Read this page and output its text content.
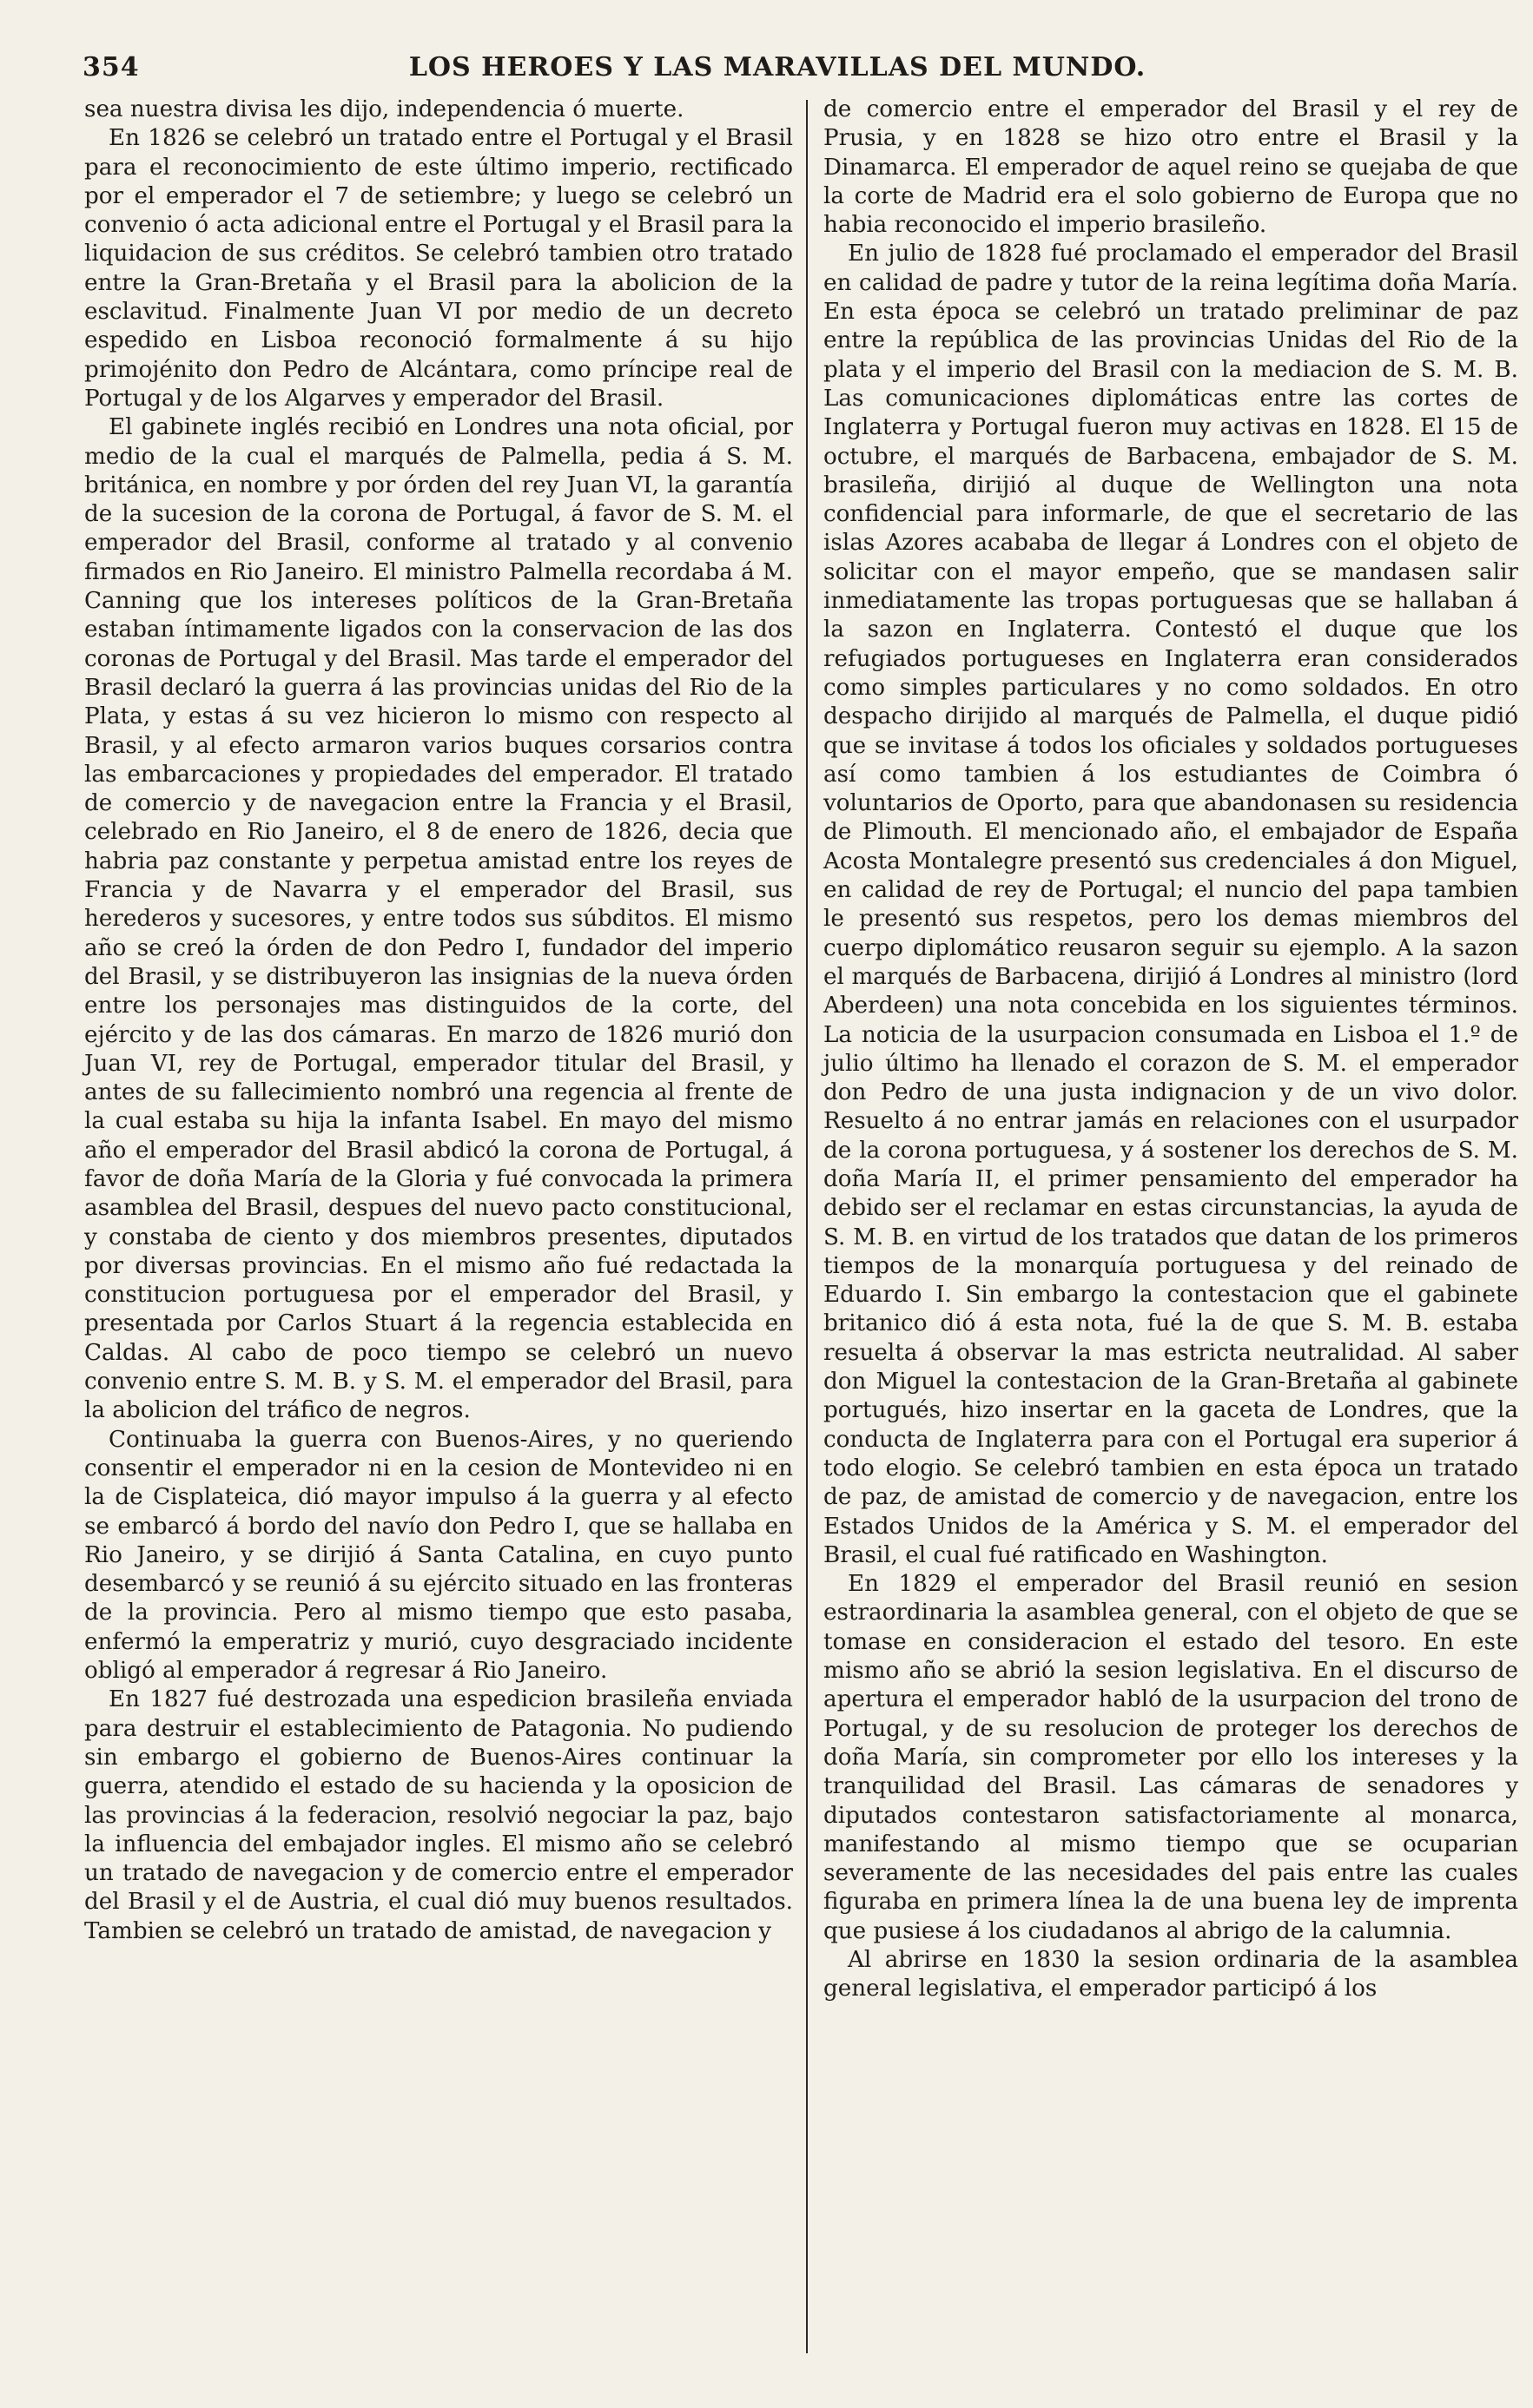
354	LOS HEROES Y LAS MARAVILLAS DEL MUNDO.

sea nuestra divisa les dijo, independencia ó muerte.

En 1826 se celebró un tratado entre el Portugal y el Brasil para el reconocimiento de este último imperio, rectificado por el emperador el 7 de setiembre; y luego se celebró un convenio ó acta adicional entre el Portugal y el Brasil para la liquidacion de sus créditos. Se celebró tambien otro tratado entre la Gran-Bretaña y el Brasil para la abolicion de la esclavitud. Finalmente Juan VI por medio de un decreto espedido en Lisboa reconoció formalmente á su hijo primojénito don Pedro de Alcántara, como príncipe real de Portugal y de los Algarves y emperador del Brasil.

El gabinete inglés recibió en Londres una nota oficial, por medio de la cual el marqués de Palmella, pedia á S. M. británica, en nombre y por órden del rey Juan VI, la garantía de la sucesion de la corona de Portugal, á favor de S. M. el emperador del Brasil, conforme al tratado y al convenio firmados en Rio Janeiro. El ministro Palmella recordaba á M. Canning que los intereses políticos de la Gran-Bretaña estaban íntimamente ligados con la conservacion de las dos coronas de Portugal y del Brasil. Mas tarde el emperador del Brasil declaró la guerra á las provincias unidas del Rio de la Plata, y estas á su vez hicieron lo mismo con respecto al Brasil, y al efecto armaron varios buques corsarios contra las embarcaciones y propiedades del emperador. El tratado de comercio y de navegacion entre la Francia y el Brasil, celebrado en Rio Janeiro, el 8 de enero de 1826, decia que habria paz constante y perpetua amistad entre los reyes de Francia y de Navarra y el emperador del Brasil, sus herederos y sucesores, y entre todos sus súbditos. El mismo año se creó la órden de don Pedro I, fundador del imperio del Brasil, y se distribuyeron las insignias de la nueva órden entre los personajes mas distinguidos de la corte, del ejército y de las dos cámaras. En marzo de 1826 murió don Juan VI, rey de Portugal, emperador titular del Brasil, y antes de su fallecimiento nombró una regencia al frente de la cual estaba su hija la infanta Isabel. En mayo del mismo año el emperador del Brasil abdicó la corona de Portugal, á favor de doña María de la Gloria y fué convocada la primera asamblea del Brasil, despues del nuevo pacto constitucional, y constaba de ciento y dos miembros presentes, diputados por diversas provincias. En el mismo año fué redactada la constitucion portuguesa por el emperador del Brasil, y presentada por Carlos Stuart á la regencia establecida en Caldas. Al cabo de poco tiempo se celebró un nuevo convenio entre S. M. B. y S. M. el emperador del Brasil, para la abolicion del tráfico de negros.

Continuaba la guerra con Buenos-Aires, y no queriendo consentir el emperador ni en la cesion de Montevideo ni en la de Cisplateica, dió mayor impulso á la guerra y al efecto se embarcó á bordo del navío don Pedro I, que se hallaba en Rio Janeiro, y se dirijió á Santa Catalina, en cuyo punto desembarcó y se reunió á su ejército situado en las fronteras de la provincia. Pero al mismo tiempo que esto pasaba, enfermó la emperatriz y murió, cuyo desgraciado incidente obligó al emperador á regresar á Rio Janeiro.

En 1827 fué destrozada una espedicion brasileña enviada para destruir el establecimiento de Patagonia. No pudiendo sin embargo el gobierno de Buenos-Aires continuar la guerra, atendido el estado de su hacienda y la oposicion de las provincias á la federacion, resolvió negociar la paz, bajo la influencia del embajador ingles. El mismo año se celebró un tratado de navegacion y de comercio entre el emperador del Brasil y el de Austria, el cual dió muy buenos resultados. Tambien se celebró un tratado de amistad, de navegacion y

de comercio entre el emperador del Brasil y el rey de Prusia, y en 1828 se hizo otro entre el Brasil y la Dinamarca. El emperador de aquel reino se quejaba de que la corte de Madrid era el solo gobierno de Europa que no habia reconocido el imperio brasileño.

En julio de 1828 fué proclamado el emperador del Brasil en calidad de padre y tutor de la reina legítima doña María. En esta época se celebró un tratado preliminar de paz entre la república de las provincias Unidas del Rio de la plata y el imperio del Brasil con la mediacion de S. M. B. Las comunicaciones diplomáticas entre las cortes de Inglaterra y Portugal fueron muy activas en 1828. El 15 de octubre, el marqués de Barbacena, embajador de S. M. brasileña, dirijió al duque de Wellington una nota confidencial para informarle, de que el secretario de las islas Azores acababa de llegar á Londres con el objeto de solicitar con el mayor empeño, que se mandasen salir inmediatamente las tropas portuguesas que se hallaban á la sazon en Inglaterra. Contestó el duque que los refugiados portugueses en Inglaterra eran considerados como simples particulares y no como soldados. En otro despacho dirijido al marqués de Palmella, el duque pidió que se invitase á todos los oficiales y soldados portugueses así como tambien á los estudiantes de Coimbra ó voluntarios de Oporto, para que abandonasen su residencia de Plimouth. El mencionado año, el embajador de España Acosta Montalegre presentó sus credenciales á don Miguel, en calidad de rey de Portugal; el nuncio del papa tambien le presentó sus respetos, pero los demas miembros del cuerpo diplomático reusaron seguir su ejemplo. A la sazon el marqués de Barbacena, dirijió á Londres al ministro (lord Aberdeen) una nota concebida en los siguientes términos. La noticia de la usurpacion consumada en Lisboa el 1.º de julio último ha llenado el corazon de S. M. el emperador don Pedro de una justa indignacion y de un vivo dolor. Resuelto á no entrar jamás en relaciones con el usurpador de la corona portuguesa, y á sostener los derechos de S. M. doña María II, el primer pensamiento del emperador ha debido ser el reclamar en estas circunstancias, la ayuda de S. M. B. en virtud de los tratados que datan de los primeros tiempos de la monarquía portuguesa y del reinado de Eduardo I. Sin embargo la contestacion que el gabinete britanico dió á esta nota, fué la de que S. M. B. estaba resuelta á observar la mas estricta neutralidad. Al saber don Miguel la contestacion de la Gran-Bretaña al gabinete portugués, hizo insertar en la gaceta de Londres, que la conducta de Inglaterra para con el Portugal era superior á todo elogio. Se celebró tambien en esta época un tratado de paz, de amistad de comercio y de navegacion, entre los Estados Unidos de la América y S. M. el emperador del Brasil, el cual fué ratificado en Washington.

En 1829 el emperador del Brasil reunió en sesion estraordinaria la asamblea general, con el objeto de que se tomase en consideracion el estado del tesoro. En este mismo año se abrió la sesion legislativa. En el discurso de apertura el emperador habló de la usurpacion del trono de Portugal, y de su resolucion de proteger los derechos de doña María, sin comprometer por ello los intereses y la tranquilidad del Brasil. Las cámaras de senadores y diputados contestaron satisfactoriamente al monarca, manifestando al mismo tiempo que se ocuparian severamente de las necesidades del pais entre las cuales figuraba en primera línea la de una buena ley de imprenta que pusiese á los ciudadanos al abrigo de la calumnia.

Al abrirse en 1830 la sesion ordinaria de la asamblea general legislativa, el emperador participó á los
